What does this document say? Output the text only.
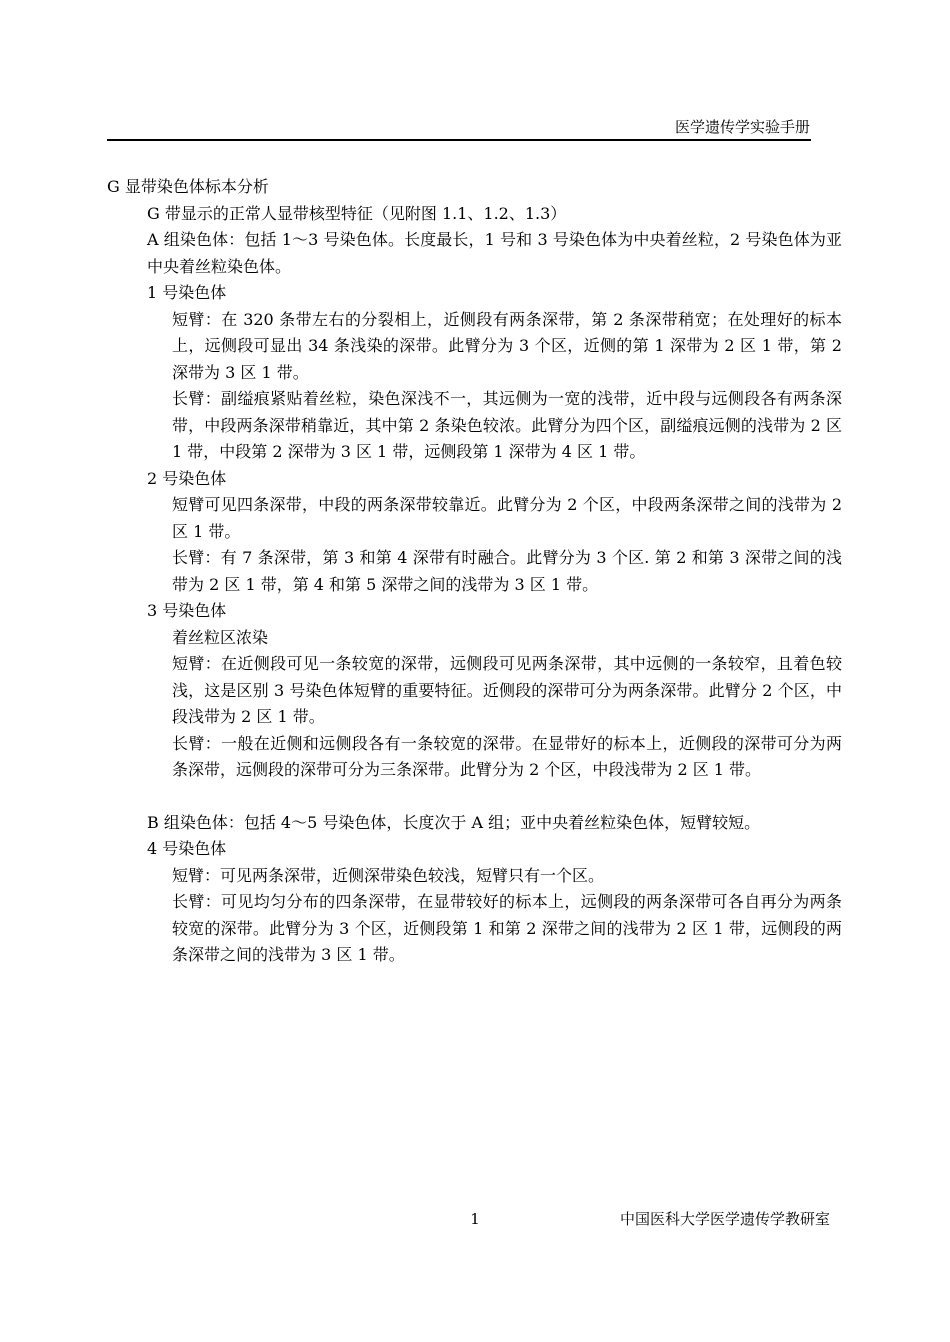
医学遗传学实验手册

G 显带染色体标本分析

G 带显示的正常人显带核型特征（见附图 1.1、1.2、1.3）

A 组染色体：包括 1～3 号染色体。长度最长，1 号和 3 号染色体为中央着丝粒，2 号染色体为亚中央着丝粒染色体。

1 号染色体

短臂：在 320 条带左右的分裂相上，近侧段有两条深带，第 2 条深带稍宽；在处理好的标本上，远侧段可显出 34 条浅染的深带。此臂分为 3 个区，近侧的第 1 深带为 2 区 1 带，第 2 深带为 3 区 1 带。

长臂：副缢痕紧贴着丝粒，染色深浅不一，其远侧为一宽的浅带，近中段与远侧段各有两条深带，中段两条深带稍靠近，其中第 2 条染色较浓。此臂分为四个区，副缢痕远侧的浅带为 2 区 1 带，中段第 2 深带为 3 区 1 带，远侧段第 1 深带为 4 区 1 带。

2 号染色体

短臂可见四条深带，中段的两条深带较靠近。此臂分为 2 个区，中段两条深带之间的浅带为 2 区 1 带。

长臂：有 7 条深带，第 3 和第 4 深带有时融合。此臂分为 3 个区. 第 2 和第 3 深带之间的浅带为 2 区 1 带，第 4 和第 5 深带之间的浅带为 3 区 1 带。

3 号染色体

着丝粒区浓染

短臂：在近侧段可见一条较宽的深带，远侧段可见两条深带，其中远侧的一条较窄，且着色较浅，这是区别 3 号染色体短臂的重要特征。近侧段的深带可分为两条深带。此臂分 2 个区，中段浅带为 2 区 1 带。

长臂：一般在近侧和远侧段各有一条较宽的深带。在显带好的标本上，近侧段的深带可分为两条深带，远侧段的深带可分为三条深带。此臂分为 2 个区，中段浅带为 2 区 1 带。

B 组染色体：包括 4～5 号染色体，长度次于 A 组；亚中央着丝粒染色体，短臂较短。

4 号染色体

短臂：可见两条深带，近侧深带染色较浅，短臂只有一个区。

长臂：可见均匀分布的四条深带，在显带较好的标本上，远侧段的两条深带可各自再分为两条较宽的深带。此臂分为 3 个区，近侧段第 1 和第 2 深带之间的浅带为 2 区 1 带，远侧段的两条深带之间的浅带为 3 区 1 带。

1	中国医科大学医学遗传学教研室
